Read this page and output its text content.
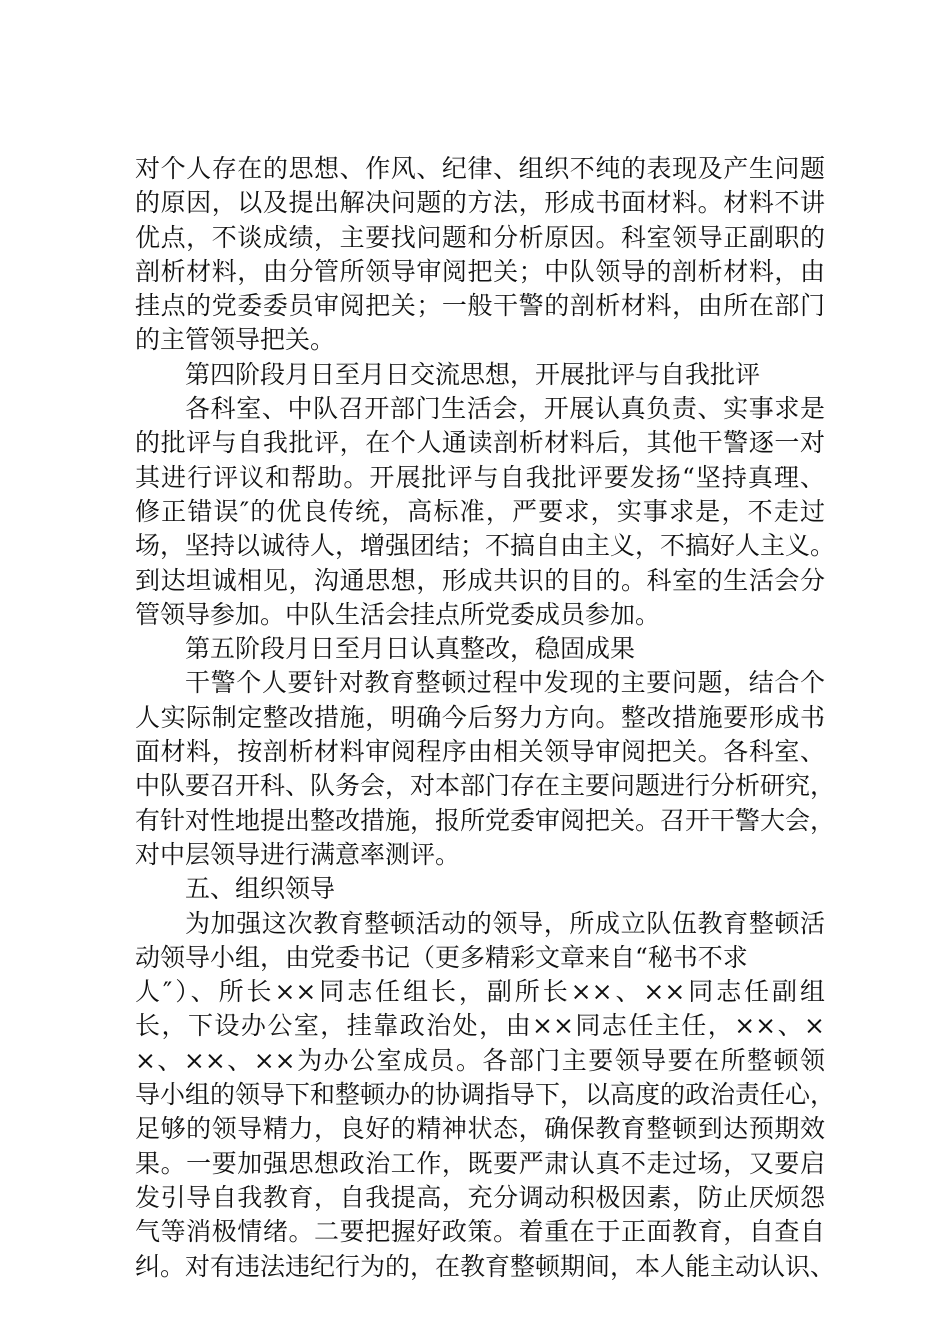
对个人存在的思想、作风、纪律、组织不纯的表现及产生问题
的原因，以及提出解决问题的方法，形成书面材料。材料不讲
优点，不谈成绩，主要找问题和分析原因。科室领导正副职的
剖析材料，由分管所领导审阅把关；中队领导的剖析材料，由
挂点的党委委员审阅把关；一般干警的剖析材料，由所在部门
的主管领导把关。
第四阶段月日至月日交流思想，开展批评与自我批评
各科室、中队召开部门生活会，开展认真负责、实事求是
的批评与自我批评，在个人通读剖析材料后，其他干警逐一对
其进行评议和帮助。开展批评与自我批评要发扬“坚持真理、
修正错误″的优良传统，高标准，严要求，实事求是，不走过
场，坚持以诚待人，增强团结；不搞自由主义，不搞好人主义。
到达坦诚相见，沟通思想，形成共识的目的。科室的生活会分
管领导参加。中队生活会挂点所党委成员参加。
第五阶段月日至月日认真整改，稳固成果
干警个人要针对教育整顿过程中发现的主要问题，结合个
人实际制定整改措施，明确今后努力方向。整改措施要形成书
面材料，按剖析材料审阅程序由相关领导审阅把关。各科室、
中队要召开科、队务会，对本部门存在主要问题进行分析研究，
有针对性地提出整改措施，报所党委审阅把关。召开干警大会，
对中层领导进行满意率测评。
五、组织领导
为加强这次教育整顿活动的领导，所成立队伍教育整顿活
动领导小组，由党委书记（更多精彩文章来自“秘书不求
人″）、所长××同志任组长，副所长××、××同志任副组
长，下设办公室，挂靠政治处，由××同志任主任，××、×
×、××、××为办公室成员。各部门主要领导要在所整顿领
导小组的领导下和整顿办的协调指导下，以高度的政治责任心，
足够的领导精力，良好的精神状态，确保教育整顿到达预期效
果。一要加强思想政治工作，既要严肃认真不走过场，又要启
发引导自我教育，自我提高，充分调动积极因素，防止厌烦怨
气等消极情绪。二要把握好政策。着重在于正面教育，自查自
纠。对有违法违纪行为的，在教育整顿期间，本人能主动认识、
